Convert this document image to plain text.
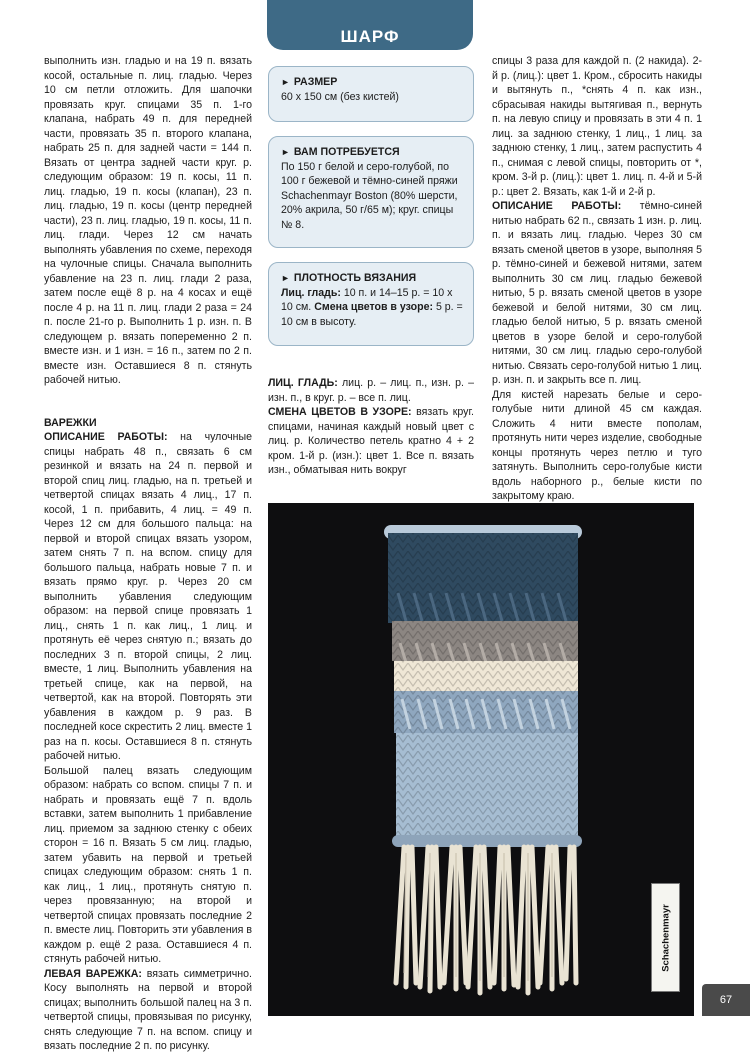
ШАРФ

выполнить изн. гладью и на 19 п. вязать косой, остальные п. лиц. гладью. Через 10 см петли отложить. Для шапочки провязать круг. спицами 35 п. 1-го клапана, набрать 49 п. для передней части, провязать 35 п. второго клапана, набрать 25 п. для задней части = 144 п. Вязать от центра задней части круг. р. следующим образом: 19 п. косы, 11 п. лиц. гладью, 19 п. косы (клапан), 23 п. лиц. гладью, 19 п. косы (центр передней части), 23 п. лиц. гладью, 19 п. косы, 11 п. лиц. глади. Через 12 см начать выполнять убавления по схеме, переходя на чулочные спицы. Сначала выполнить убавление на 23 п. лиц. глади 2 раза, затем после ещё 8 р. на 4 косах и ещё после 4 р. на 11 п. лиц. глади 2 раза = 24 п. после 21-го р. Выполнить 1 р. изн. п. В следующем р. вязать попеременно 2 п. вместе изн. и 1 изн. = 16 п., затем по 2 п. вместе изн. Оставшиеся 8 п. стянуть рабочей нитью.

ВАРЕЖКИ

ОПИСАНИЕ РАБОТЫ: на чулочные спицы набрать 48 п., связать 6 см резинкой и вязать на 24 п. первой и второй спиц лиц. гладью, на п. третьей и четвертой спицах вязать 4 лиц., 17 п. косой, 1 п. прибавить, 4 лиц. = 49 п. Через 12 см для большого пальца: на первой и второй спицах вязать узором, затем снять 7 п. на вспом. спицу для большого пальца, набрать новые 7 п. и вязать прямо круг. р. Через 20 см выполнить убавления следующим образом: на первой спице провязать 1 лиц., снять 1 п. как лиц., 1 лиц. и протянуть её через снятую п.; вязать до последних 3 п. второй спицы, 2 лиц. вместе, 1 лиц. Выполнить убавления на третьей спице, как на первой, на четвертой, как на второй. Повторять эти убавления в каждом р. 9 раз. В последней косе скрестить 2 лиц. вместе 1 раз на п. косы. Оставшиеся 8 п. стянуть рабочей нитью.

Большой палец вязать следующим образом: набрать со вспом. спицы 7 п. и набрать и провязать ещё 7 п. вдоль вставки, затем выполнить 1 прибавление лиц. приемом за заднюю стенку с обеих сторон = 16 п. Вязать 5 см лиц. гладью, затем убавить на первой и третьей спицах следующим образом: снять 1 п. как лиц., 1 лиц., протянуть снятую п. через провязанную; на второй и четвертой спицах провязать последние 2 п. вместе лиц. Повторить эти убавления в каждом р. ещё 2 раза. Оставшиеся 4 п. стянуть рабочей нитью.

ЛЕВАЯ ВАРЕЖКА: вязать симметрично. Косу выполнять на первой и второй спицах; выполнить большой палец на 3 п. четвертой спицы, провязывая по рисунку, снять следующие 7 п. на вспом. спицу и вязать последние 2 п. по рисунку.

► РАЗМЕР

60 x 150 см (без кистей)

► ВАМ ПОТРЕБУЕТСЯ

По 150 г белой и серо-голубой, по 100 г бежевой и тёмно-синей пряжи Schachenmayr Boston (80% шерсти, 20% акрила, 50 г/65 м); круг. спицы № 8.

► ПЛОТНОСТЬ ВЯЗАНИЯ

Лиц. гладь: 10 п. и 14–15 р. = 10 х 10 см. Смена цветов в узоре: 5 р. = 10 см в высоту.

ЛИЦ. ГЛАДЬ: лиц. р. – лиц. п., изн. р. – изн. п., в круг. р. – все п. лиц.

СМЕНА ЦВЕТОВ В УЗОРЕ: вязать круг. спицами, начиная каждый новый цвет с лиц. р. Количество петель кратно 4 + 2 кром. 1-й р. (изн.): цвет 1. Все п. вязать изн., обматывая нить вокруг

спицы 3 раза для каждой п. (2 накида). 2-й р. (лиц.): цвет 1. Кром., сбросить накиды и вытянуть п., *снять 4 п. как изн., сбрасывая накиды вытягивая п., вернуть п. на левую спицу и провязать в эти 4 п. 1 лиц. за заднюю стенку, 1 лиц., 1 лиц. за заднюю стенку, 1 лиц., затем распустить 4 п., снимая с левой спицы, повторить от *, кром. 3-й р. (лиц.): цвет 1. лиц. п. 4-й и 5-й р.: цвет 2. Вязать, как 1-й и 2-й р.

ОПИСАНИЕ РАБОТЫ: тёмно-синей нитью набрать 62 п., связать 1 изн. р. лиц. п. и вязать лиц. гладью. Через 30 см вязать сменой цветов в узоре, выполняя 5 р. тёмно-синей и бежевой нитями, затем выполнить 30 см лиц. гладью бежевой нитью, 5 р. вязать сменой цветов в узоре бежевой и белой нитями, 30 см лиц. гладью белой нитью, 5 р. вязать сменой цветов в узоре белой и серо-голубой нитями, 30 см лиц. гладью серо-голубой нитью. Связать серо-голубой нитью 1 лиц. р. изн. п. и закрыть все п. лиц.

Для кистей нарезать белые и серо-голубые нити длиной 45 см каждая. Сложить 4 нити вместе пополам, протянуть нити через изделие, свободные концы протянуть через петлю и туго затянуть. Выполнить серо-голубые кисти вдоль наборного р., белые кисти по закрытому краю.

Schachenmayr
67
